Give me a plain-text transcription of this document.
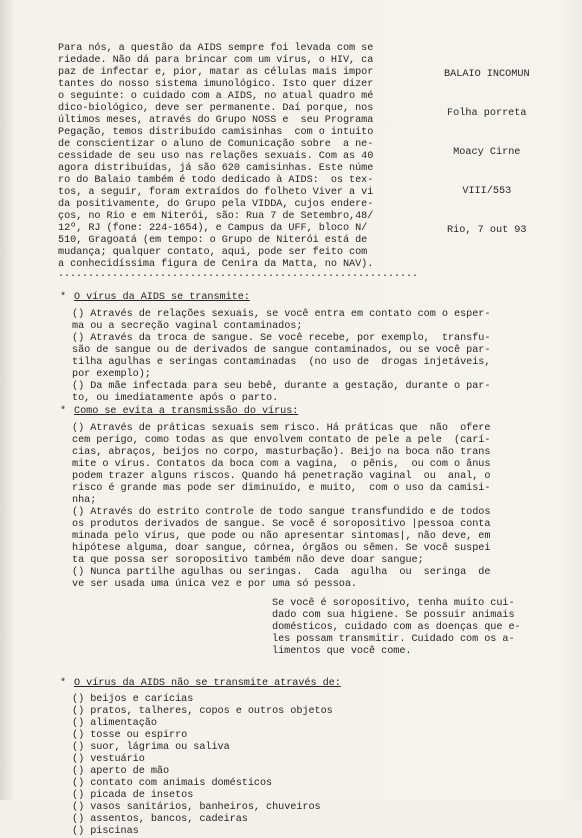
BALAIO INCOMUN

Folha porreta

Moacy Cirne

VIII/553

Rio, 7 out 93

Para nós, a questão da AIDS sempre foi levada com se
riedade. Não dá para brincar com um vírus, o HIV, ca
paz de infectar e, pior, matar as células mais impor
tantes do nosso sistema imunológico. Isto quer dizer
o seguinte: o cuidado com a AIDS, no atual quadro mé
dico-biológico, deve ser permanente. Daí porque, nos
últimos meses, através do Grupo NOSS e  seu Programa
Pegação, temos distribuído camisinhas  com o intuito
de conscientizar o aluno de Comunicação sobre  a ne-
cessidade de seu uso nas relações sexuais. Com as 40
agora distribuídas, já são 620 camisinhas. Este núme
ro do Balaio também é todo dedicado à AIDS:  os tex-
tos, a seguir, foram extraídos do folheto Viver a vi
da positivamente, do Grupo pela VIDDA, cujos endere-
ços, no Rio e em Niterói, são: Rua 7 de Setembro,48/
12º, RJ (fone: 224-1654), e Campus da UFF, bloco N/
510, Gragoatá (em tempo: o Grupo de Niterói está de
mudança; qualquer contato, aqui, pode ser feito com
a conhecidíssima figura de Cenira da Matta, no NAV).
............................................................
* O vírus da AIDS se transmite:
() Através de relações sexuais, se você entra em contato com o esper-
ma ou a secreção vaginal contaminados;
() Através da troca de sangue. Se você recebe, por exemplo,  transfu-
são de sangue ou de derivados de sangue contaminados, ou se você par-
tilha agulhas e seringas contaminadas  (no uso de  drogas injetáveis,
por exemplo);
() Da mãe infectada para seu bebê, durante a gestação, durante o par-
to, ou imediatamente após o parto.
* Como se evita a transmissão do vírus:
() Através de práticas sexuais sem risco. Há práticas que  não  ofere
cem perigo, como todas as que envolvem contato de pele a pele  (carí-
cias, abraços, beijos no corpo, masturbação). Beijo na boca não trans
mite o vírus. Contatos da boca com a vagina,  o pênis,  ou com o ânus
podem trazer alguns riscos. Quando há penetração vaginal  ou  anal, o
risco é grande mas pode ser diminuído, e muito,  com o uso da camisi-
nha;
() Através do estrito controle de todo sangue transfundido e de todos
os produtos derivados de sangue. Se você é soropositivo |pessoa conta
minada pelo vírus, que pode ou não apresentar sintomas|, não deve, em
hipótese alguma, doar sangue, córnea, órgãos ou sêmen. Se você suspei
ta que possa ser soropositivo também não deve doar sangue;
() Nunca partilhe agulhas ou seringas.  Cada  agulha  ou  seringa  de
ve ser usada uma única vez e por uma só pessoa.
Se você é soropositivo, tenha muito cui-
dado com sua higiene. Se possuir animais
domésticos, cuidado com as doenças que e-
les possam transmitir. Cuidado com os a-
limentos que você come.
* O vírus da AIDS não se transmite através de:
() beijos e carícias
() pratos, talheres, copos e outros objetos
() alimentação
() tosse ou espirro
() suor, lágrima ou saliva
() vestuário
() aperto de mão
() contato com animais domésticos
() picada de insetos
() vasos sanitários, banheiros, chuveiros
() assentos, bancos, cadeiras
() piscinas
